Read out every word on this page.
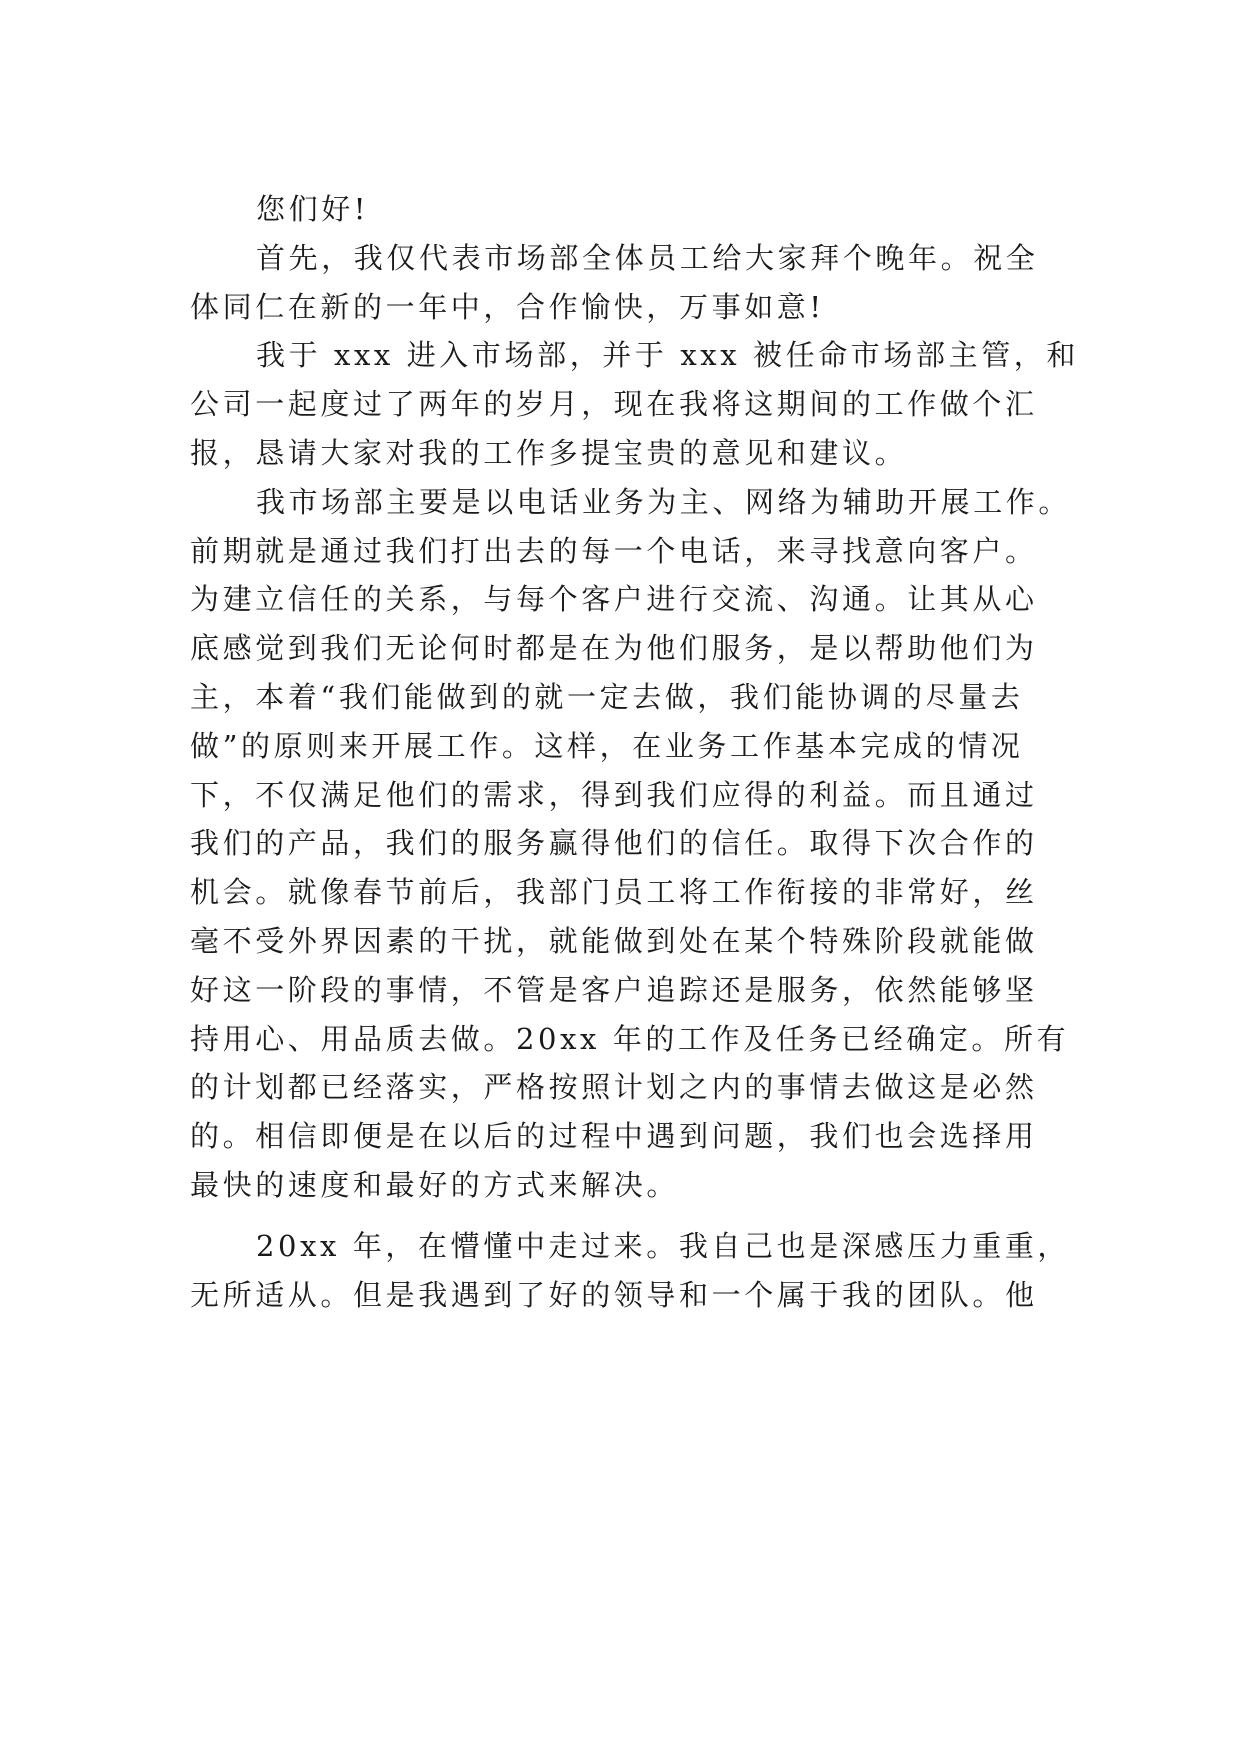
您们好!
首先，我仅代表市场部全体员工给大家拜个晚年。祝全
体同仁在新的一年中，合作愉快，万事如意!
我于 xxx 进入市场部，并于 xxx 被任命市场部主管，和
公司一起度过了两年的岁月，现在我将这期间的工作做个汇
报，恳请大家对我的工作多提宝贵的意见和建议。
我市场部主要是以电话业务为主、网络为辅助开展工作。
前期就是通过我们打出去的每一个电话，来寻找意向客户。
为建立信任的关系，与每个客户进行交流、沟通。让其从心
底感觉到我们无论何时都是在为他们服务，是以帮助他们为
主，本着“我们能做到的就一定去做，我们能协调的尽量去
做”的原则来开展工作。这样，在业务工作基本完成的情况
下，不仅满足他们的需求，得到我们应得的利益。而且通过
我们的产品，我们的服务赢得他们的信任。取得下次合作的
机会。就像春节前后，我部门员工将工作衔接的非常好，丝
毫不受外界因素的干扰，就能做到处在某个特殊阶段就能做
好这一阶段的事情，不管是客户追踪还是服务，依然能够坚
持用心、用品质去做。20xx 年的工作及任务已经确定。所有
的计划都已经落实，严格按照计划之内的事情去做这是必然
的。相信即便是在以后的过程中遇到问题，我们也会选择用
最快的速度和最好的方式来解决。
20xx 年，在懵懂中走过来。我自己也是深感压力重重，
无所适从。但是我遇到了好的领导和一个属于我的团队。他
